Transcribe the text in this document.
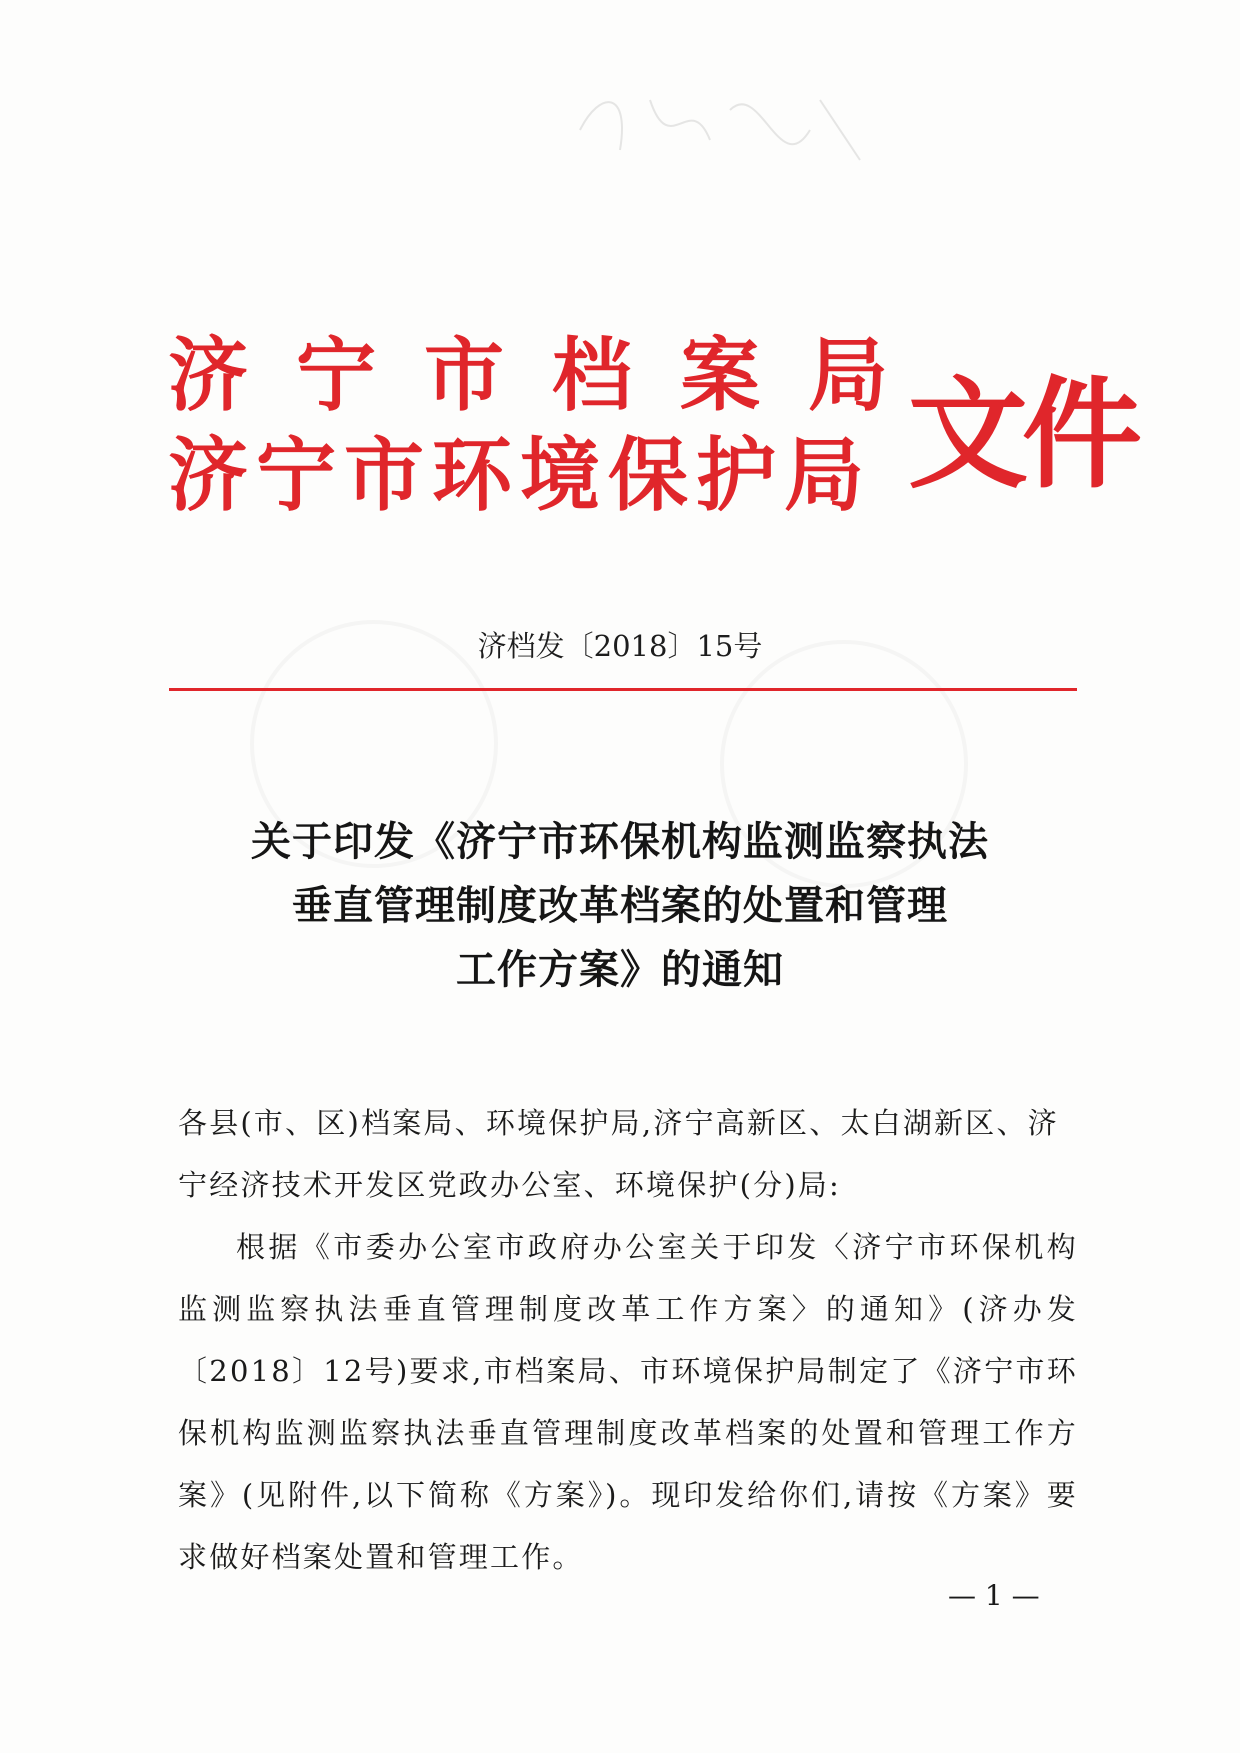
济宁市档案局
济宁市环境保护局 文件
济档发〔2018〕15号
关于印发《济宁市环保机构监测监察执法
垂直管理制度改革档案的处置和管理
工作方案》的通知
各县(市、区)档案局、环境保护局,济宁高新区、太白湖新区、济宁经济技术开发区党政办公室、环境保护(分)局:
根据《市委办公室市政府办公室关于印发〈济宁市环保机构监测监察执法垂直管理制度改革工作方案〉的通知》(济办发〔2018〕12号)要求,市档案局、市环境保护局制定了《济宁市环保机构监测监察执法垂直管理制度改革档案的处置和管理工作方案》(见附件,以下简称《方案》)。现印发给你们,请按《方案》要求做好档案处置和管理工作。
— 1 —
